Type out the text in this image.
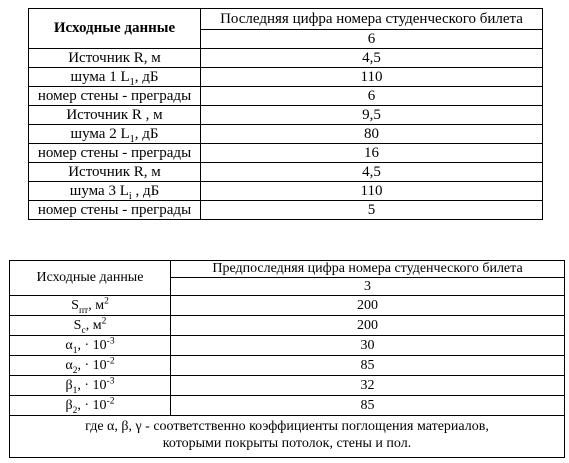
Исходные данные	Последняя цифра номера студенческого билета
	6
Источник R, м	4,5
шума 1 $L_1$, дБ	110
номер стены - преграды	6
Источник R , м	9,5
шума 2 $L_1$, дБ	80
номер стены - преграды	16
Источник R, м	4,5
шума 3 $L_i$ , дБ	110
номер стены - преграды	5
Исходные данные	Предпоследняя цифра номера студенческого билета
	3
$S_{пт}$, $м^2$	200
$S_c$, $м^2$	200
$\alpha_1$, · $10^{-3}$	30
$\alpha_2$, · $10^{-2}$	85
$\beta_1$, · $10^{-3}$	32
$\beta_2$, · $10^{-2}$	85

где α, β, γ - соответственно коэффициенты поглощения материалов,
которыми покрыты потолок, стены и пол.	
